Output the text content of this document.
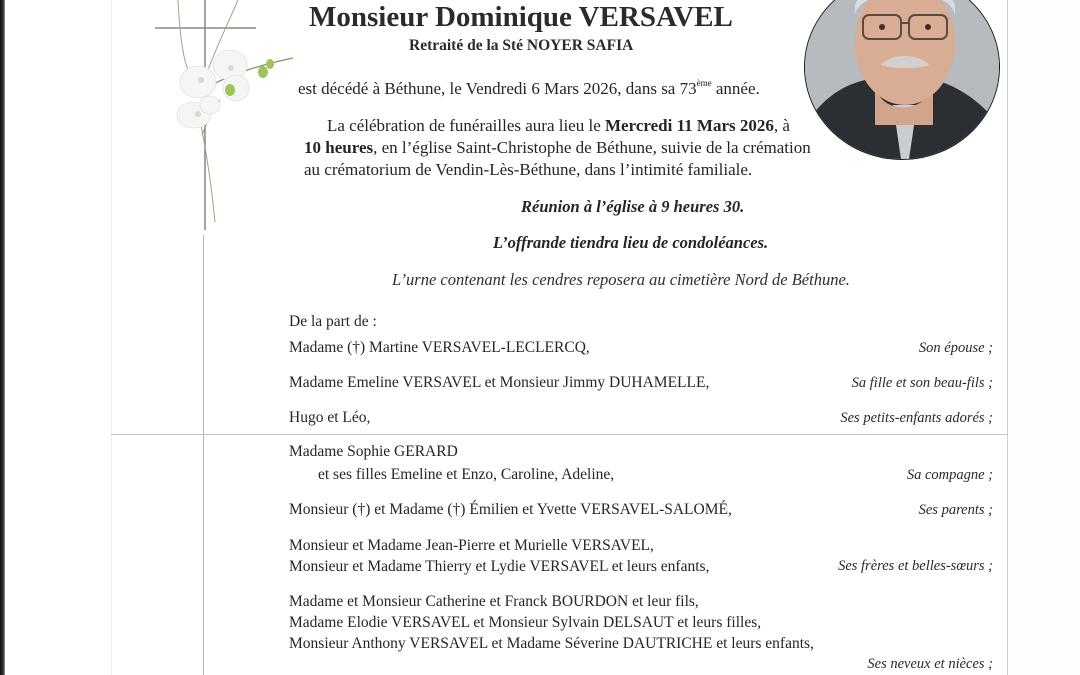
Monsieur Dominique VERSAVEL
Retraité de la Sté NOYER SAFIA
est décédé à Béthune, le Vendredi 6 Mars 2026, dans sa 73ème année.
La célébration de funérailles aura lieu le Mercredi 11 Mars 2026, à
10 heures, en l’église Saint-Christophe de Béthune, suivie de la crémation
au crématorium de Vendin-Lès-Béthune, dans l’intimité familiale.
Réunion à l’église à 9 heures 30.
L’offrande tiendra lieu de condoléances.
L’urne contenant les cendres reposera au cimetière Nord de Béthune.
De la part de :
Madame (†) Martine VERSAVEL-LECLERCQ,	Son épouse ;
Madame Emeline VERSAVEL et Monsieur Jimmy DUHAMELLE,	Sa fille et son beau-fils ;
Hugo et Léo,	Ses petits-enfants adorés ;
Madame Sophie GERARD
et ses filles Emeline et Enzo, Caroline, Adeline,	Sa compagne ;
Monsieur (†) et Madame (†) Émilien et Yvette VERSAVEL-SALOMÉ,	Ses parents ;
Monsieur et Madame Jean-Pierre et Murielle VERSAVEL,
Monsieur et Madame Thierry et Lydie VERSAVEL et leurs enfants,	Ses frères et belles-sœurs ;
Madame et Monsieur Catherine et Franck BOURDON et leur fils,
Madame Elodie VERSAVEL et Monsieur Sylvain DELSAUT et leurs filles,
Monsieur Anthony VERSAVEL et Madame Séverine DAUTRICHE et leurs enfants,
Ses neveux et nièces ;
